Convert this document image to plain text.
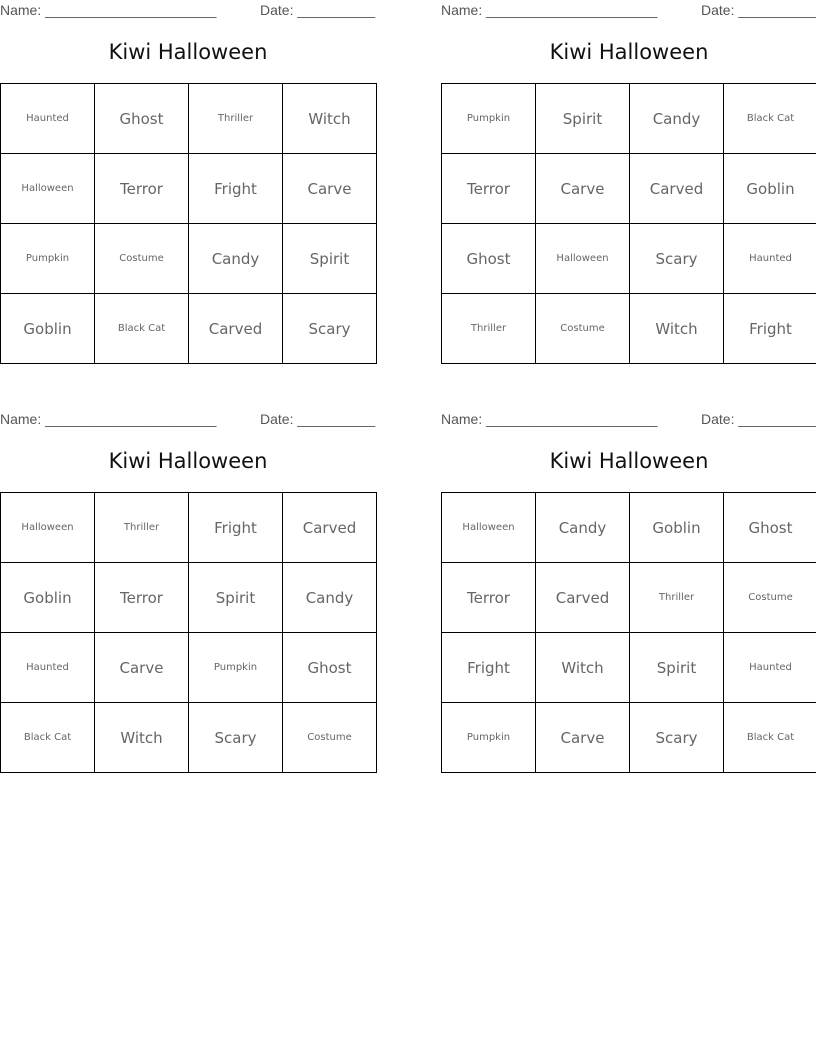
Name: ______________________	Date: __________
Kiwi Halloween
Haunted	Ghost	Thriller	Witch
Halloween	Terror	Fright	Carve
Pumpkin	Costume	Candy	Spirit
Goblin	Black Cat	Carved	Scary
Name: ______________________	Date: __________
Kiwi Halloween
Pumpkin	Spirit	Candy	Black Cat
Terror	Carve	Carved	Goblin
Ghost	Halloween	Scary	Haunted
Thriller	Costume	Witch	Fright
Name: ______________________	Date: __________
Kiwi Halloween
Halloween	Thriller	Fright	Carved
Goblin	Terror	Spirit	Candy
Haunted	Carve	Pumpkin	Ghost
Black Cat	Witch	Scary	Costume
Name: ______________________	Date: __________
Kiwi Halloween
Halloween	Candy	Goblin	Ghost
Terror	Carved	Thriller	Costume
Fright	Witch	Spirit	Haunted
Pumpkin	Carve	Scary	Black Cat
